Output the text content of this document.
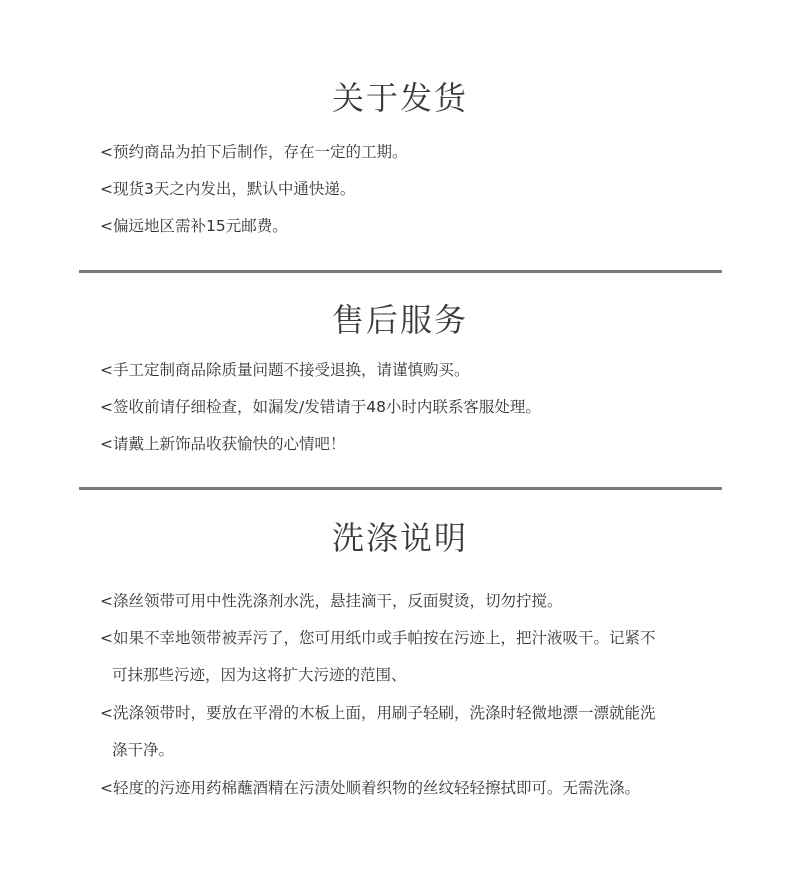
关于发货
<预约商品为拍下后制作，存在一定的工期。
<现货3天之内发出，默认中通快递。
<偏远地区需补15元邮费。
售后服务
<手工定制商品除质量问题不接受退换，请谨慎购买。
<签收前请仔细检查，如漏发/发错请于48小时内联系客服处理。
<请戴上新饰品收获愉快的心情吧！
洗涤说明
<涤丝领带可用中性洗涤剂水洗，悬挂滴干，反面熨烫，切勿拧搅。
<如果不幸地领带被弄污了，您可用纸巾或手帕按在污迹上，把汁液吸干。记紧不
可抹那些污迹，因为这将扩大污迹的范围、
<洗涤领带时，要放在平滑的木板上面，用刷子轻刷，洗涤时轻微地漂一漂就能洗
涤干净。
<轻度的污迹用药棉蘸酒精在污渍处顺着织物的丝纹轻轻擦拭即可。无需洗涤。
